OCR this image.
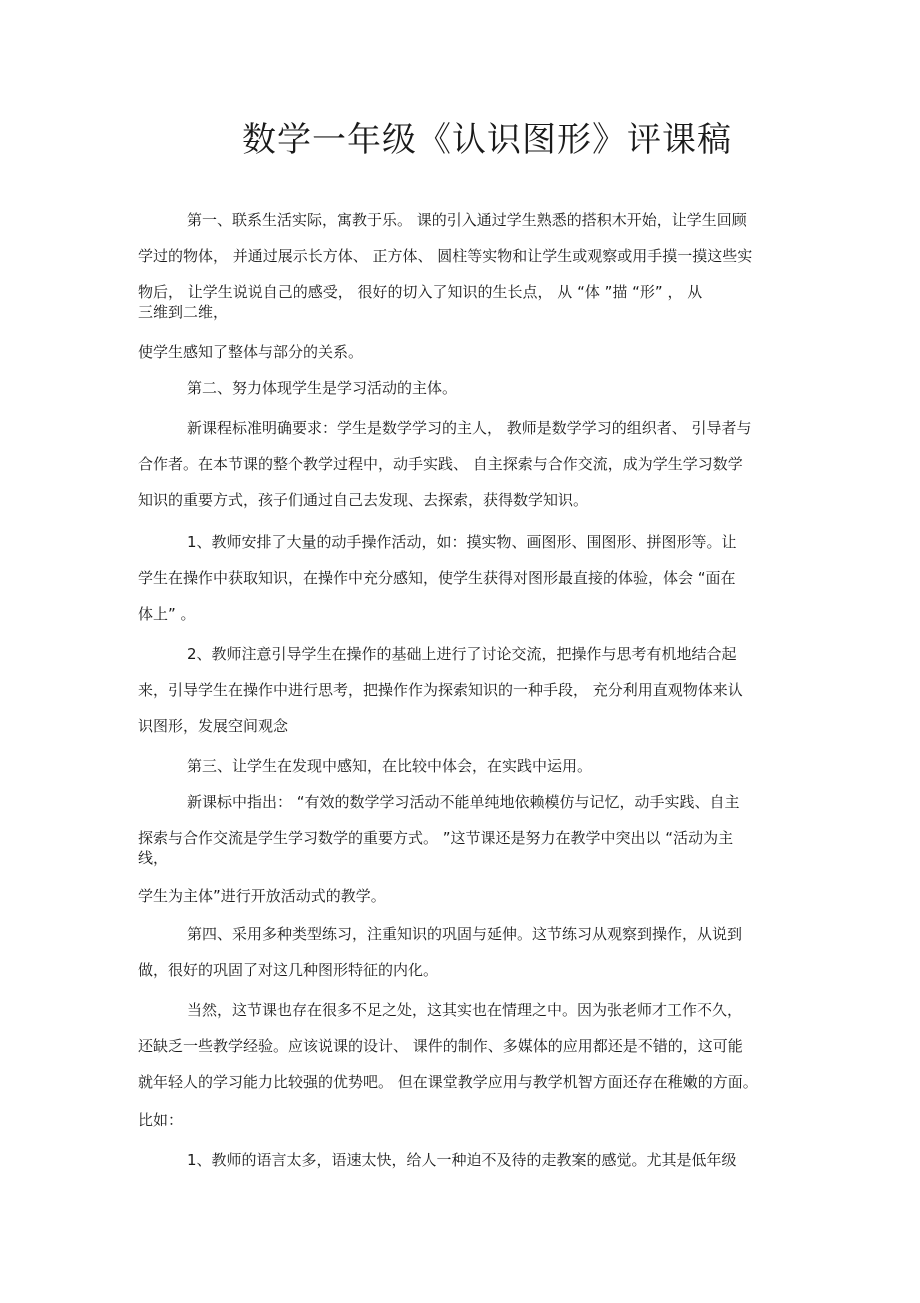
数学一年级《认识图形》评课稿

第一、联系生活实际，寓教于乐。 课的引入通过学生熟悉的搭积木开始，让学生回顾

学过的物体， 并通过展示长方体、 正方体、 圆柱等实物和让学生或观察或用手摸一摸这些实

物后， 让学生说说自己的感受， 很好的切入了知识的生长点， 从 “体 ”描 “形” ， 从

三维到二维，

使学生感知了整体与部分的关系。

第二、努力体现学生是学习活动的主体。

新课程标准明确要求：学生是数学学习的主人， 教师是数学学习的组织者、 引导者与

合作者。在本节课的整个教学过程中，动手实践、 自主探索与合作交流，成为学生学习数学

知识的重要方式，孩子们通过自己去发现、去探索，获得数学知识。

1、教师安排了大量的动手操作活动，如：摸实物、画图形、围图形、拼图形等。让

学生在操作中获取知识，在操作中充分感知，使学生获得对图形最直接的体验，体会 “面在

体上” 。

2、教师注意引导学生在操作的基础上进行了讨论交流，把操作与思考有机地结合起

来，引导学生在操作中进行思考，把操作作为探索知识的一种手段， 充分利用直观物体来认

识图形，发展空间观念

第三、让学生在发现中感知，在比较中体会，在实践中运用。

新课标中指出： “有效的数学学习活动不能单纯地依赖模仿与记忆，动手实践、自主

探索与合作交流是学生学习数学的重要方式。 ”这节课还是努力在教学中突出以 “活动为主

线，

学生为主体”进行开放活动式的教学。

第四、采用多种类型练习，注重知识的巩固与延伸。这节练习从观察到操作，从说到

做，很好的巩固了对这几种图形特征的内化。

当然，这节课也存在很多不足之处，这其实也在情理之中。因为张老师才工作不久，

还缺乏一些教学经验。应该说课的设计、 课件的制作、多媒体的应用都还是不错的，这可能

就年轻人的学习能力比较强的优势吧。 但在课堂教学应用与教学机智方面还存在稚嫩的方面。

比如：

1、教师的语言太多，语速太快，给人一种迫不及待的走教案的感觉。尤其是低年级
